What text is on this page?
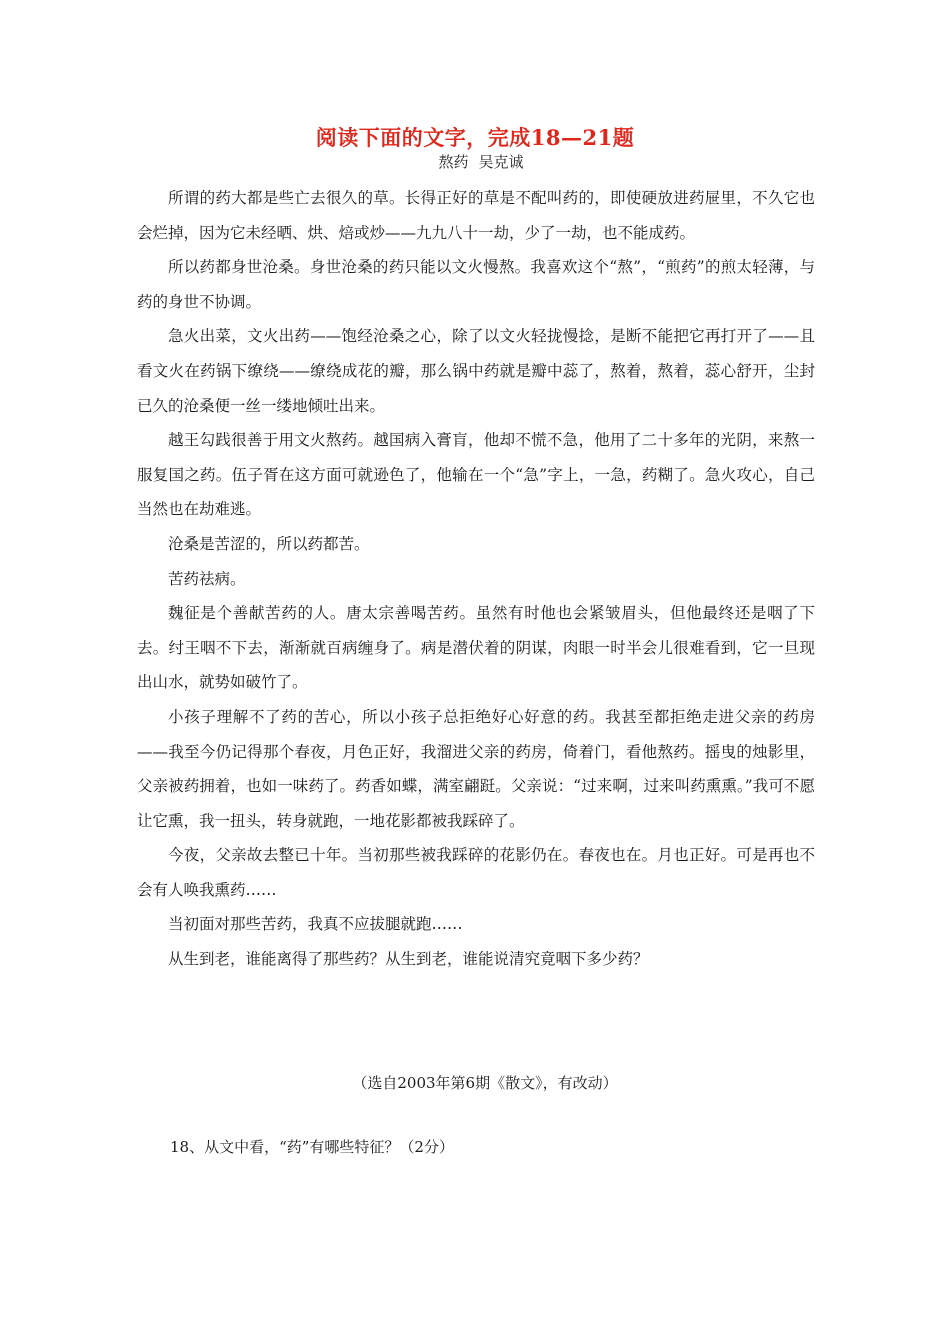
阅读下面的文字，完成18—21题
熬药 吴克诚

所谓的药大都是些亡去很久的草。长得正好的草是不配叫药的，即使硬放进药屉里，不久它也会烂掉，因为它未经晒、烘、焙或炒——九九八十一劫，少了一劫，也不能成药。

所以药都身世沧桑。身世沧桑的药只能以文火慢熬。我喜欢这个“熬”，“煎药”的煎太轻薄，与药的身世不协调。

急火出菜，文火出药——饱经沧桑之心，除了以文火轻拢慢捻，是断不能把它再打开了——且看文火在药锅下缭绕——缭绕成花的瓣，那么锅中药就是瓣中蕊了，熬着，熬着，蕊心舒开，尘封已久的沧桑便一丝一缕地倾吐出来。

越王勾践很善于用文火熬药。越国病入膏肓，他却不慌不急，他用了二十多年的光阴，来熬一服复国之药。伍子胥在这方面可就逊色了，他输在一个“急”字上，一急，药糊了。急火攻心，自己当然也在劫难逃。

沧桑是苦涩的，所以药都苦。

苦药祛病。

魏征是个善献苦药的人。唐太宗善喝苦药。虽然有时他也会紧皱眉头，但他最终还是咽了下去。纣王咽不下去，渐渐就百病缠身了。病是潜伏着的阴谋，肉眼一时半会儿很难看到，它一旦现出山水，就势如破竹了。

小孩子理解不了药的苦心，所以小孩子总拒绝好心好意的药。我甚至都拒绝走进父亲的药房——我至今仍记得那个春夜，月色正好，我溜进父亲的药房，倚着门，看他熬药。摇曳的烛影里，父亲被药拥着，也如一味药了。药香如蝶，满室翩跹。父亲说：“过来啊，过来叫药熏熏。”我可不愿让它熏，我一扭头，转身就跑，一地花影都被我踩碎了。

今夜，父亲故去整已十年。当初那些被我踩碎的花影仍在。春夜也在。月也正好。可是再也不会有人唤我熏药……

当初面对那些苦药，我真不应拔腿就跑……

从生到老，谁能离得了那些药？从生到老，谁能说清究竟咽下多少药？

（选自2003年第6期《散文》，有改动）
18、从文中看，“药”有哪些特征？（2分）
